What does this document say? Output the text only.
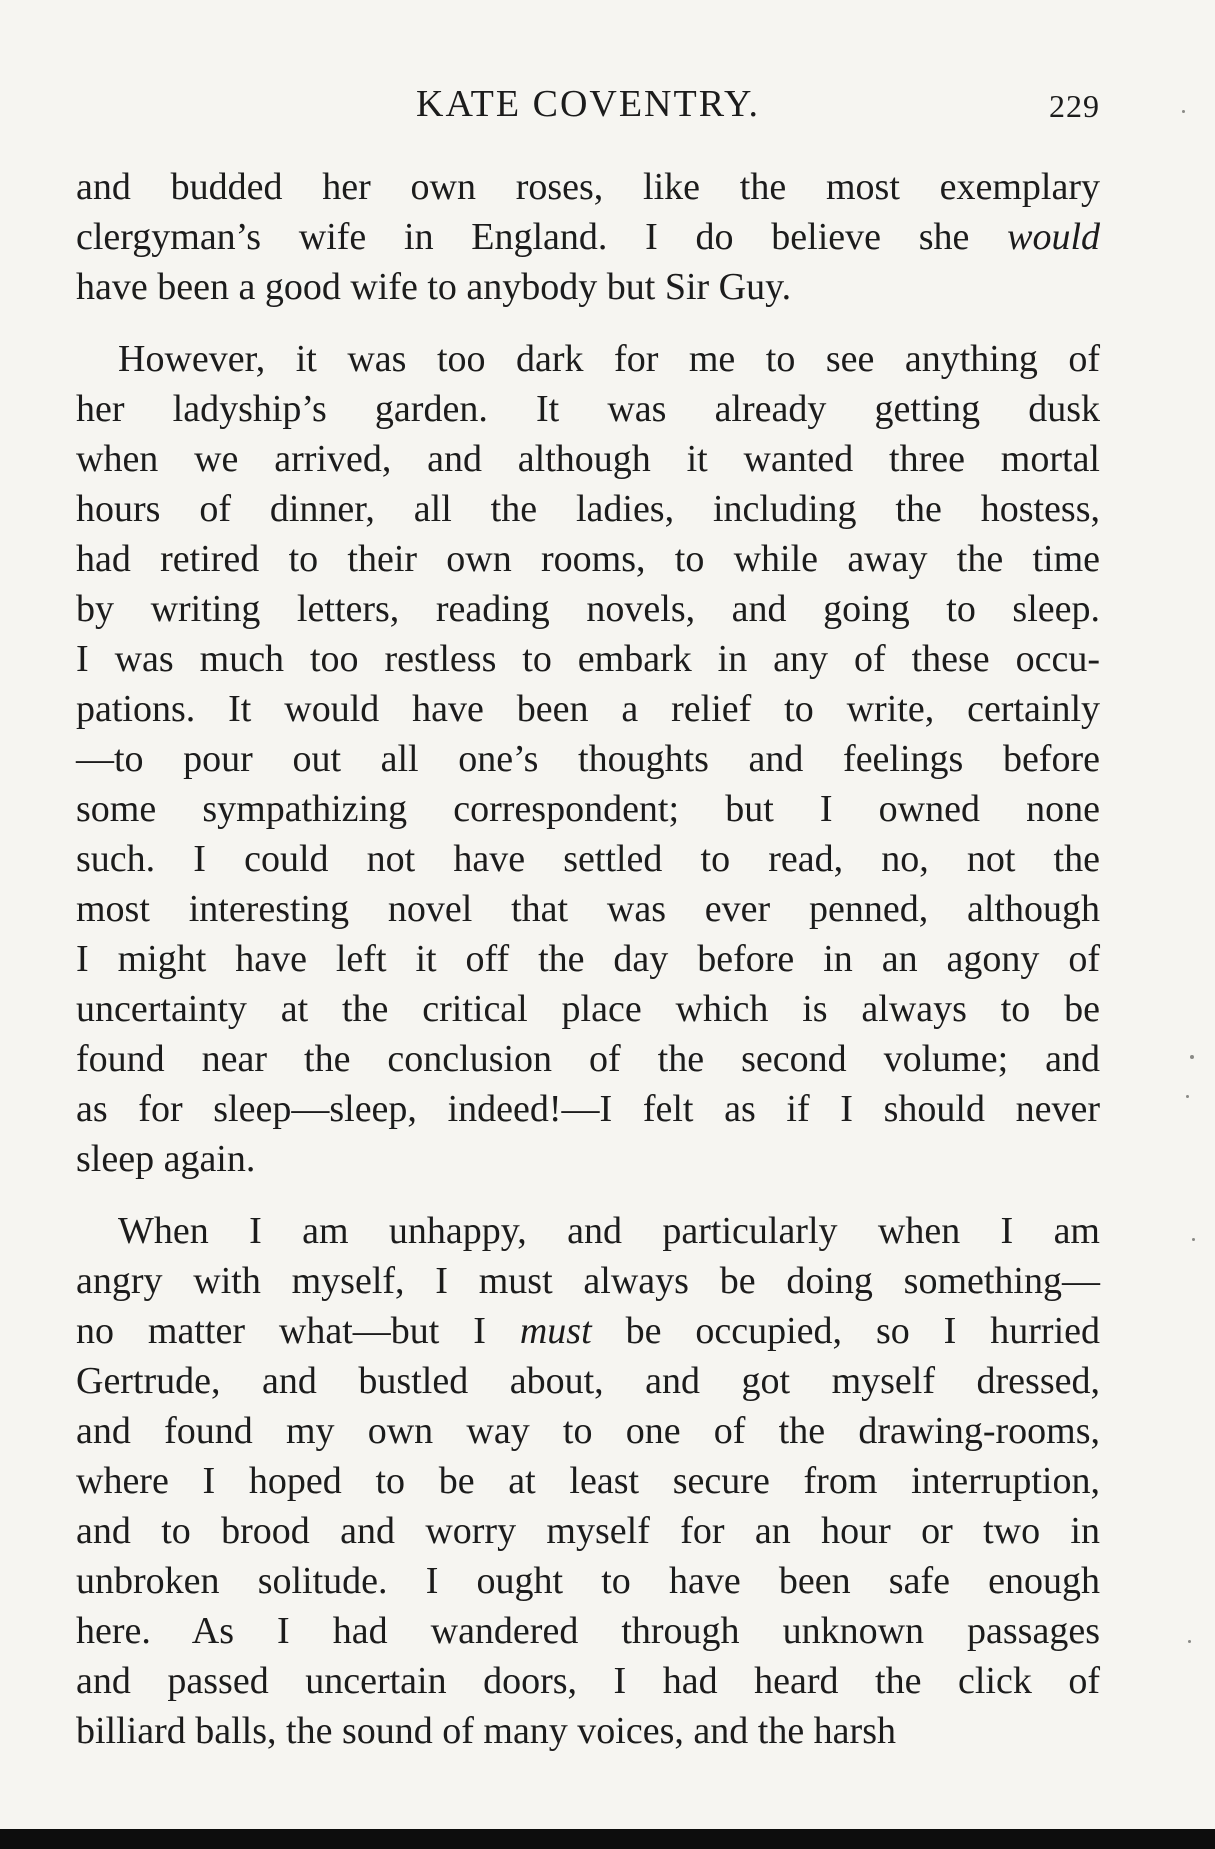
KATE COVENTRY.	229
and budded her own roses, like the most exemplary
clergyman’s wife in England. I do believe she would
have been a good wife to anybody but Sir Guy.
However, it was too dark for me to see anything of
her ladyship’s garden. It was already getting dusk
when we arrived, and although it wanted three mortal
hours of dinner, all the ladies, including the hostess,
had retired to their own rooms, to while away the time
by writing letters, reading novels, and going to sleep.
I was much too restless to embark in any of these occu-
pations. It would have been a relief to write, certainly
—to pour out all one’s thoughts and feelings before
some sympathizing correspondent; but I owned none
such. I could not have settled to read, no, not the
most interesting novel that was ever penned, although
I might have left it off the day before in an agony of
uncertainty at the critical place which is always to be
found near the conclusion of the second volume; and
as for sleep—sleep, indeed!—I felt as if I should never
sleep again.
When I am unhappy, and particularly when I am
angry with myself, I must always be doing something—
no matter what—but I must be occupied, so I hurried
Gertrude, and bustled about, and got myself dressed,
and found my own way to one of the drawing-rooms,
where I hoped to be at least secure from interruption,
and to brood and worry myself for an hour or two in
unbroken solitude. I ought to have been safe enough
here. As I had wandered through unknown passages
and passed uncertain doors, I had heard the click of
billiard balls, the sound of many voices, and the harsh
